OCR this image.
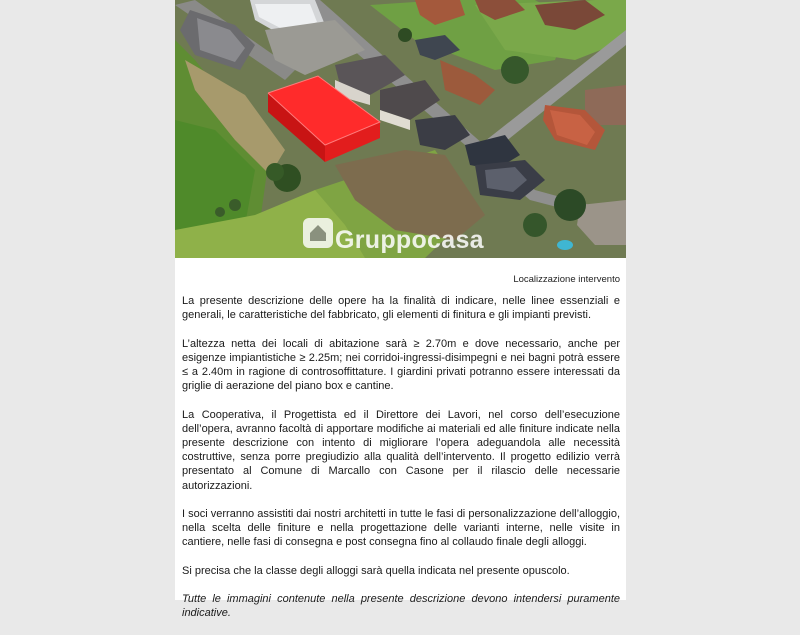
Gruppocasa
Localizzazione intervento

La presente descrizione delle opere ha la finalità di indicare, nelle linee essenziali e generali, le caratteristiche del fabbricato, gli elementi di finitura e gli impianti previsti.

L’altezza netta dei locali di abitazione sarà ≥ 2.70m e dove necessario, anche per esigenze impiantistiche ≥ 2.25m; nei corridoi-ingressi-disimpegni e nei bagni potrà essere ≤ a 2.40m in ragione di controsoffittature. I giardini privati potranno essere interessati da griglie di aerazione del piano box e cantine.

La Cooperativa, il Progettista ed il Direttore dei Lavori, nel corso dell’esecuzione dell’opera, avranno facoltà di apportare modifiche ai materiali ed alle finiture indicate nella presente descrizione con intento di migliorare l’opera adeguandola alle necessità costruttive, senza porre pregiudizio alla qualità dell’intervento. Il progetto edilizio verrà presentato al Comune di Marcallo con Casone per il rilascio delle necessarie autorizzazioni.

I soci verranno assistiti dai nostri architetti in tutte le fasi di personalizzazione dell’alloggio, nella scelta delle finiture e nella progettazione delle varianti interne, nelle visite in cantiere, nelle fasi di consegna e post consegna fino al collaudo finale degli alloggi.

Si precisa che la classe degli alloggi sarà quella indicata nel presente opuscolo.

Tutte le immagini contenute nella presente descrizione devono intendersi puramente indicative.
